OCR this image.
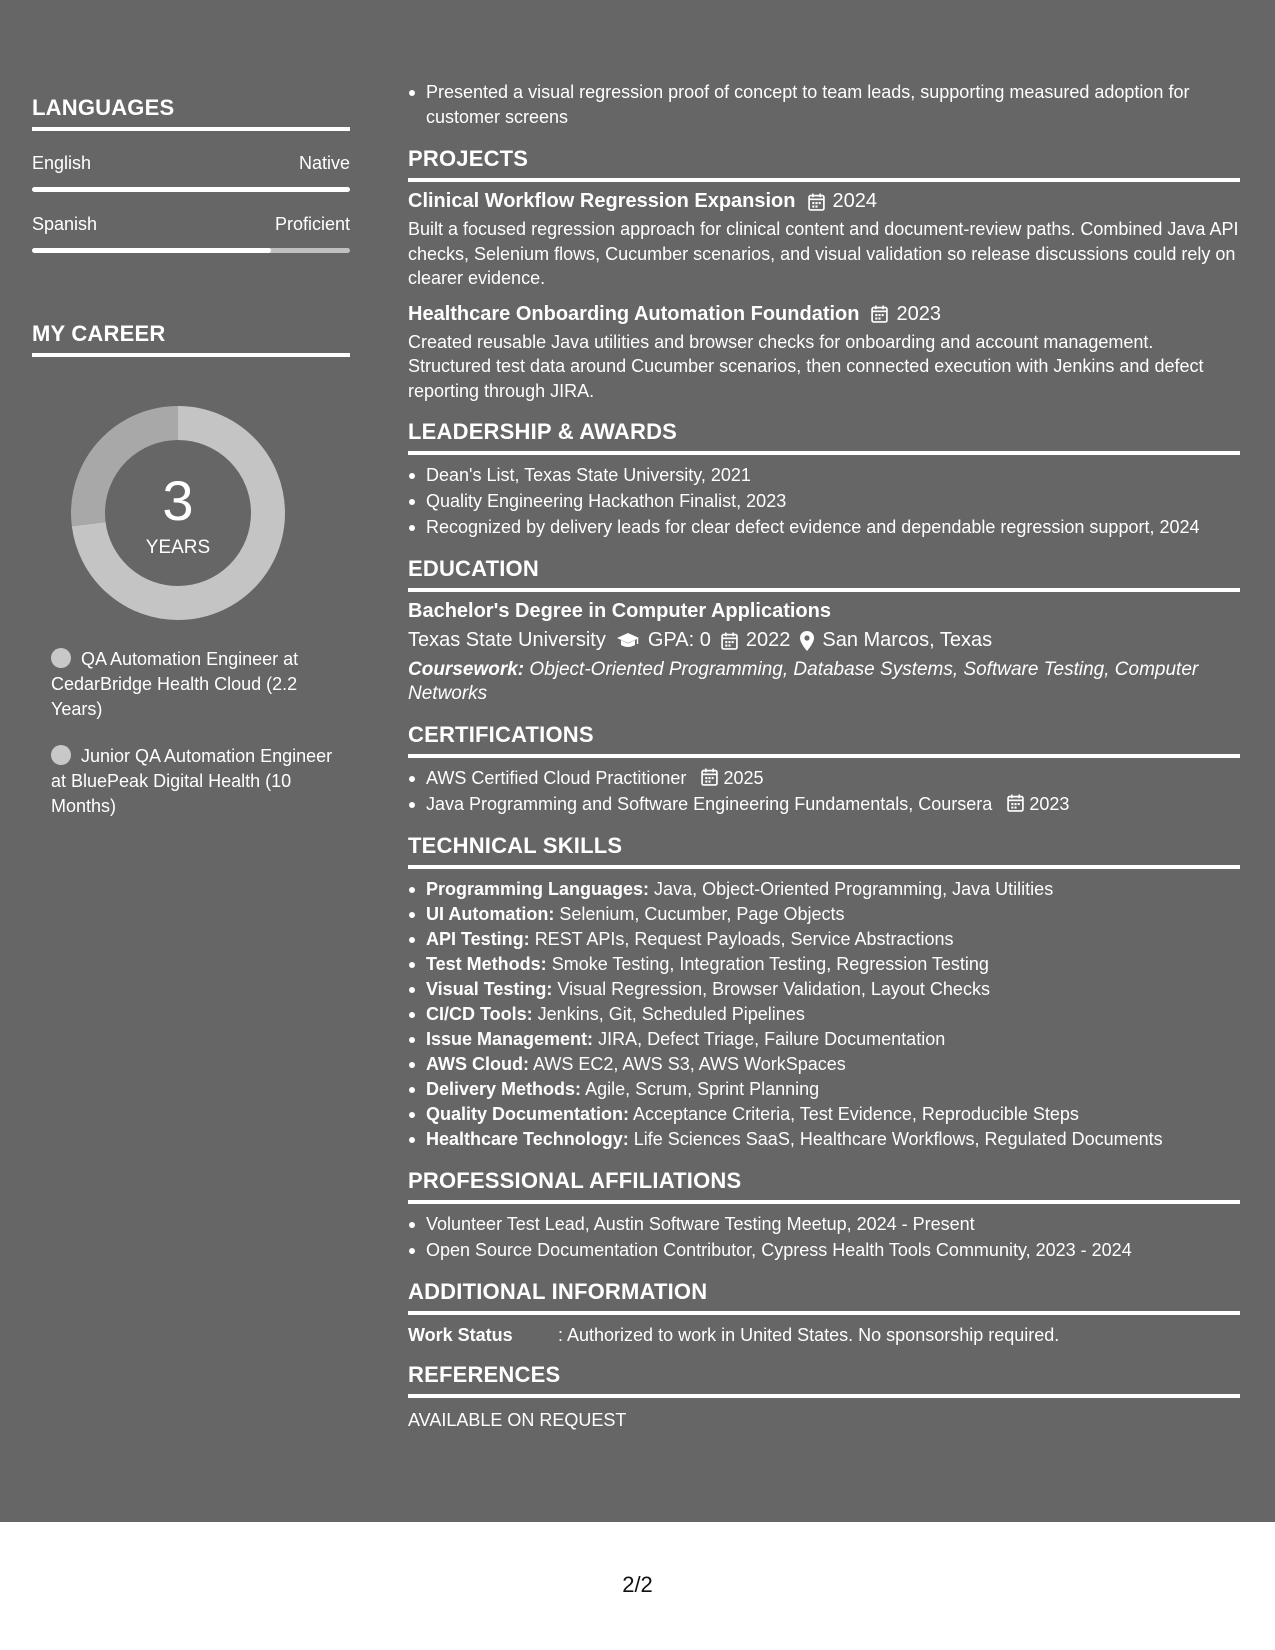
LANGUAGES
English	Native
Spanish	Proficient
MY CAREER
3
YEARS
QA Automation Engineer at CedarBridge Health Cloud (2.2 Years)
Junior QA Automation Engineer at BluePeak Digital Health (10 Months)
Presented a visual regression proof of concept to team leads, supporting measured adoption for customer screens
PROJECTS
Clinical Workflow Regression Expansion 2024
Built a focused regression approach for clinical content and document-review paths. Combined Java API checks, Selenium flows, Cucumber scenarios, and visual validation so release discussions could rely on clearer evidence.
Healthcare Onboarding Automation Foundation 2023
Created reusable Java utilities and browser checks for onboarding and account management. Structured test data around Cucumber scenarios, then connected execution with Jenkins and defect reporting through JIRA.
LEADERSHIP & AWARDS
Dean's List, Texas State University, 2021
Quality Engineering Hackathon Finalist, 2023
Recognized by delivery leads for clear defect evidence and dependable regression support, 2024
EDUCATION
Bachelor's Degree in Computer Applications
Texas State University GPA: 0 2022 San Marcos, Texas
Coursework: Object-Oriented Programming, Database Systems, Software Testing, Computer Networks
CERTIFICATIONS
AWS Certified Cloud Practitioner 2025
Java Programming and Software Engineering Fundamentals, Coursera 2023
TECHNICAL SKILLS
Programming Languages: Java, Object-Oriented Programming, Java Utilities
UI Automation: Selenium, Cucumber, Page Objects
API Testing: REST APIs, Request Payloads, Service Abstractions
Test Methods: Smoke Testing, Integration Testing, Regression Testing
Visual Testing: Visual Regression, Browser Validation, Layout Checks
CI/CD Tools: Jenkins, Git, Scheduled Pipelines
Issue Management: JIRA, Defect Triage, Failure Documentation
AWS Cloud: AWS EC2, AWS S3, AWS WorkSpaces
Delivery Methods: Agile, Scrum, Sprint Planning
Quality Documentation: Acceptance Criteria, Test Evidence, Reproducible Steps
Healthcare Technology: Life Sciences SaaS, Healthcare Workflows, Regulated Documents
PROFESSIONAL AFFILIATIONS
Volunteer Test Lead, Austin Software Testing Meetup, 2024 - Present
Open Source Documentation Contributor, Cypress Health Tools Community, 2023 - 2024
ADDITIONAL INFORMATION
Work Status	: Authorized to work in United States. No sponsorship required.
REFERENCES
AVAILABLE ON REQUEST
2/2
